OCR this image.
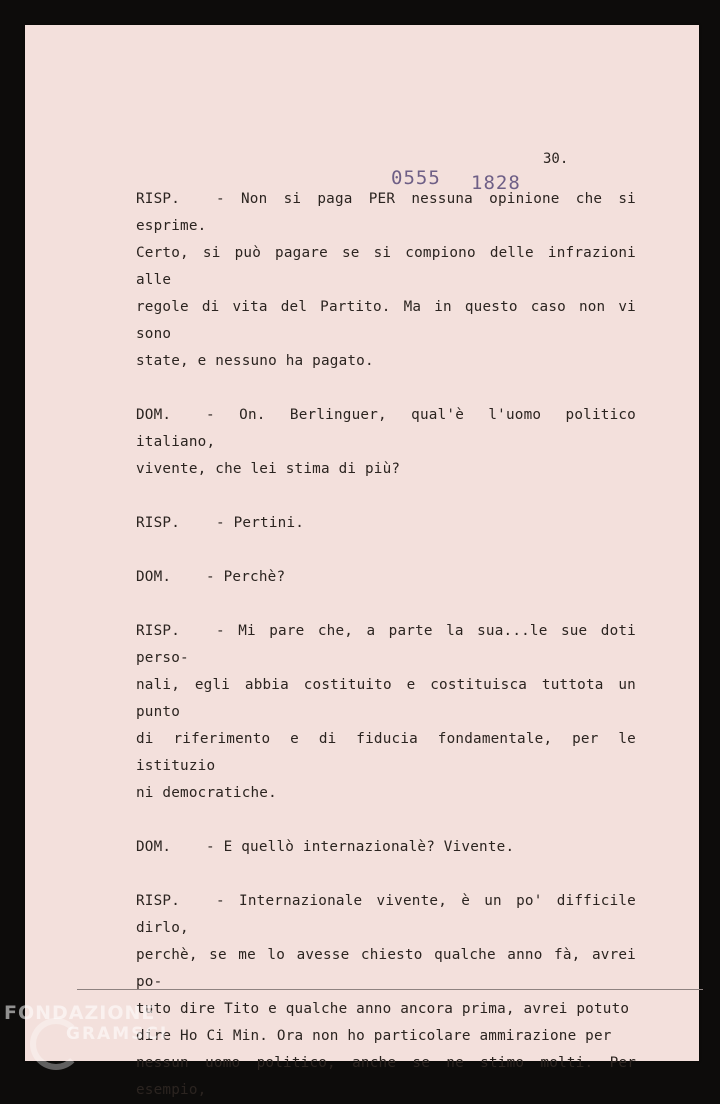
30.
0555 1828

RISP.	- Non si paga PER nessuna opinione che si esprime.

Certo, si può pagare se si compiono delle infrazioni alle

regole di vita del Partito. Ma in questo caso non vi sono

state, e nessuno ha pagato.

DOM. - On. Berlinguer, qual'è l'uomo politico italiano,

vivente, che lei stima di più?

RISP.	- Pertini.

DOM. - Perchè?

RISP.	- Mi pare che, a parte la sua...le sue doti perso-

nali, egli abbia costituito e costituisca tuttota un punto

di riferimento e di fiducia fondamentale, per le istituzio

ni democratiche.

DOM. - E quellò internazionalè? Vivente.

RISP.	- Internazionale vivente, è un po' difficile dirlo,

perchè, se me lo avesse chiesto qualche anno fà, avrei po-

tuto dire Tito e qualche anno ancora prima, avrei potuto

dire Ho Ci Min. Ora non ho particolare ammirazione per

nessun uomo politico, anche se ne stimo molti. Per esempio,

FONDAZIONE
GRAMSCI
